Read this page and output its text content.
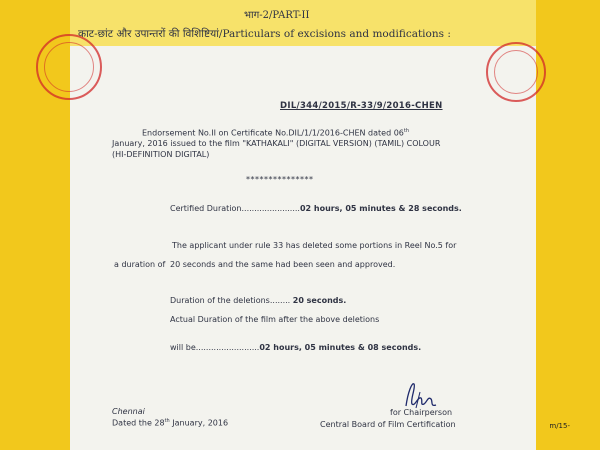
भाग-2/PART-II
काट-छांट और उपान्तरों की विशिष्टियां/Particulars of excisions and modifications :
DIL/344/2015/R-33/9/2016-CHEN
Endorsement No.II on Certificate No.DIL/1/1/2016-CHEN dated 06th
January, 2016 issued to the film "KATHAKALI" (DIGITAL VERSION) (TAMIL) COLOUR
(HI-DEFINITION DIGITAL)
***************
Certified Duration.......................02 hours, 05 minutes & 28 seconds.
The applicant under rule 33 has deleted some portions in Reel No.5 for
a duration of 20 seconds and the same had been seen and approved.
Duration of the deletions........ 20 seconds.
Actual Duration of the film after the above deletions
will be.........................02 hours, 05 minutes & 08 seconds.
Chennai
Dated the 28th January, 2016
for Chairperson
Central Board of Film Certification	m/15-
